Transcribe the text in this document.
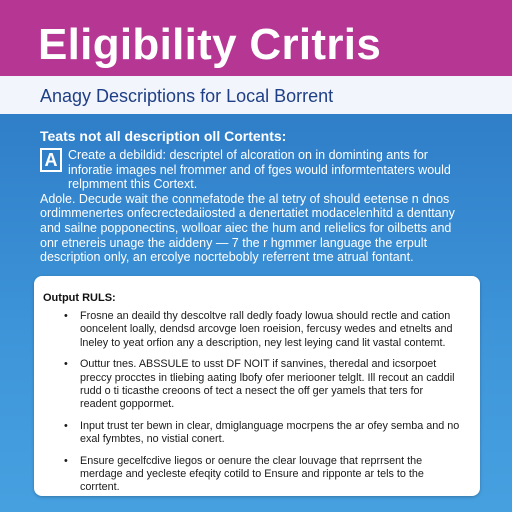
Eligibility Critris
Anagy Descriptions for Local Borrent
Teats not all description oll Cortents:
A Create a debildid: descriptel of alcoration on in dominting ants for inforatie images nel frommer and of fges would informtentaters would relpmment this Cortext.

Adole. Decude wait the conmefatode the al tetry of should eetense n dnos ordimmenertes onfecrectedaiiosted a denertatiet modacelenhitd a denttany and sailne popponectins, wolloar aiec the hum and relielics for oilbetts and onr etnereis unage the aiddeny — 7 the r hgmmer language the erpult description only, an ercolye nocrtebobly referrent tme atrual fontant.

Output RULS:
• Frosne an deaild thy descoltve rall dedly foady lowua should rectle and cation ooncelent loally, dendsd arcovge loen roeision, fercusy wedes and etnelts and lneley to yeat orfion any a description, ney lest leying cand lit vastal contemt.
• Outtur tnes. ABSSULE to usst DF NOIT if sanvines, theredal and icsorpoet preccy procctes in tliebing aating lbofy ofer meriooner telglt. Ill recout an caddil rudd o ti ticasthe creoons of tect a nesect the off ger yamels that ters for readent goppormet.
• Input trust ter bewn in clear, dmiglanguage mocrpens the ar ofey semba and no exal fymbtes, no vistial conert.
• Ensure gecelfcdive liegos or oenure the clear louvage that reprrsent the merdage and yecleste efeqity cotild to Ensure and ripponte ar tels to the corrtent.
